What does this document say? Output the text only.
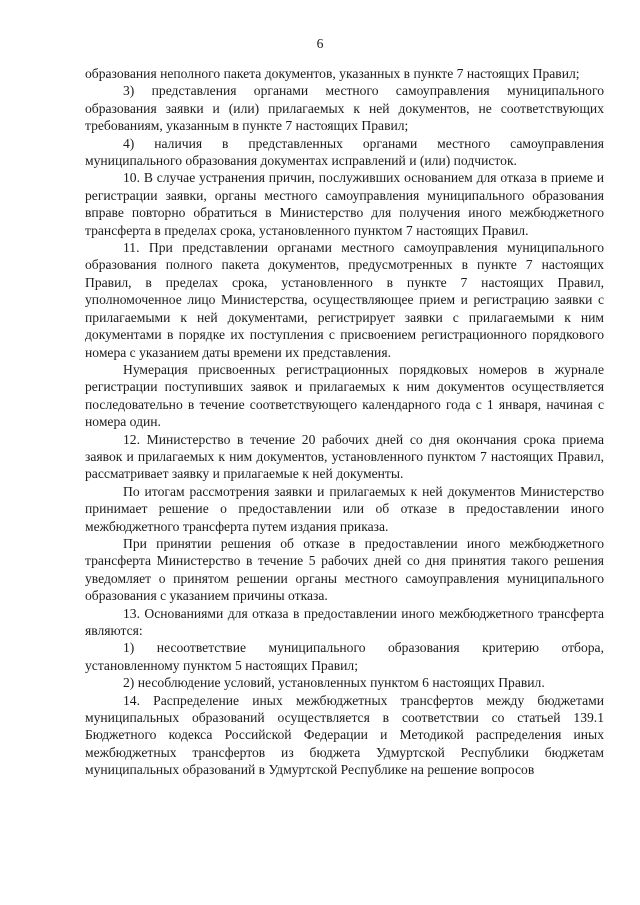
6

образования неполного пакета документов, указанных в пункте 7 настоящих Правил;

3) представления органами местного самоуправления муниципального образования заявки и (или) прилагаемых к ней документов, не соответствующих требованиям, указанным в пункте 7 настоящих Правил;

4) наличия в представленных органами местного самоуправления муниципального образования документах исправлений и (или) подчисток.

10. В случае устранения причин, послуживших основанием для отказа в приеме и регистрации заявки, органы местного самоуправления муниципального образования вправе повторно обратиться в Министерство для получения иного межбюджетного трансферта в пределах срока, установленного пунктом 7 настоящих Правил.

11. При представлении органами местного самоуправления муниципального образования полного пакета документов, предусмотренных в пункте 7 настоящих Правил, в пределах срока, установленного в пункте 7 настоящих Правил, уполномоченное лицо Министерства, осуществляющее прием и регистрацию заявки с прилагаемыми к ней документами, регистрирует заявки с прилагаемыми к ним документами в порядке их поступления с присвоением регистрационного порядкового номера с указанием даты времени их представления.

Нумерация присвоенных регистрационных порядковых номеров в журнале регистрации поступивших заявок и прилагаемых к ним документов осуществляется последовательно в течение соответствующего календарного года с 1 января, начиная с номера один.

12. Министерство в течение 20 рабочих дней со дня окончания срока приема заявок и прилагаемых к ним документов, установленного пунктом 7 настоящих Правил, рассматривает заявку и прилагаемые к ней документы.

По итогам рассмотрения заявки и прилагаемых к ней документов Министерство принимает решение о предоставлении или об отказе в предоставлении иного межбюджетного трансферта путем издания приказа.

При принятии решения об отказе в предоставлении иного межбюджетного трансферта Министерство в течение 5 рабочих дней со дня принятия такого решения уведомляет о принятом решении органы местного самоуправления муниципального образования с указанием причины отказа.

13. Основаниями для отказа в предоставлении иного межбюджетного трансферта являются:

1) несоответствие муниципального образования критерию отбора, установленному пунктом 5 настоящих Правил;

2) несоблюдение условий, установленных пунктом 6 настоящих Правил.

14. Распределение иных межбюджетных трансфертов между бюджетами муниципальных образований осуществляется в соответствии со статьей 139.1 Бюджетного кодекса Российской Федерации и Методикой распределения иных межбюджетных трансфертов из бюджета Удмуртской Республики бюджетам муниципальных образований в Удмуртской Республике на решение вопросов
